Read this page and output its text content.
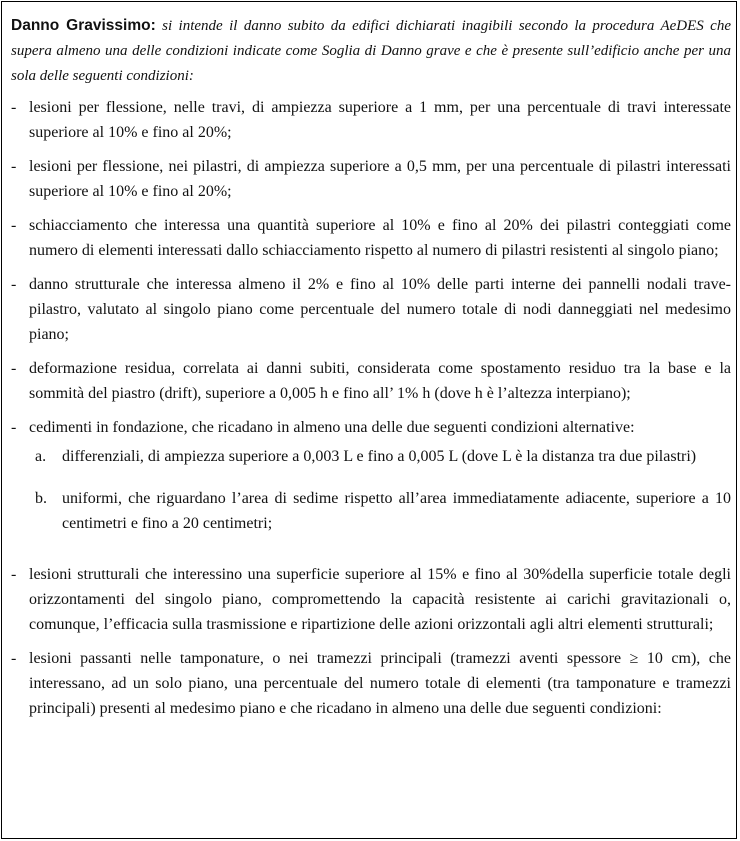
Danno Gravissimo: si intende il danno subito da edifici dichiarati inagibili secondo la procedura AeDES che supera almeno una delle condizioni indicate come Soglia di Danno grave e che è presente sull’edificio anche per una sola delle seguenti condizioni:

- lesioni per flessione, nelle travi, di ampiezza superiore a 1 mm, per una percentuale di travi interessate superiore al 10% e fino al 20%;

- lesioni per flessione, nei pilastri, di ampiezza superiore a 0,5 mm, per una percentuale di pilastri interessati superiore al 10% e fino al 20%;

- schiacciamento che interessa una quantità superiore al 10% e fino al 20% dei pilastri conteggiati come numero di elementi interessati dallo schiacciamento rispetto al numero di pilastri resistenti al singolo piano;

- danno strutturale che interessa almeno il 2% e fino al 10% delle parti interne dei pannelli nodali trave-pilastro, valutato al singolo piano come percentuale del numero totale di nodi danneggiati nel medesimo piano;

- deformazione residua, correlata ai danni subiti, considerata come spostamento residuo tra la base e la sommità del piastro (drift), superiore a 0,005 h e fino all’ 1% h (dove h è l’altezza interpiano);

- cedimenti in fondazione, che ricadano in almeno una delle due seguenti condizioni alternative:

a. differenziali, di ampiezza superiore a 0,003 L e fino a 0,005 L (dove L è la distanza tra due pilastri)

b. uniformi, che riguardano l’area di sedime rispetto all’area immediatamente adiacente, superiore a 10 centimetri e fino a 20 centimetri;

- lesioni strutturali che interessino una superficie superiore al 15% e fino al 30%della superficie totale degli orizzontamenti del singolo piano, compromettendo la capacità resistente ai carichi gravitazionali o, comunque, l’efficacia sulla trasmissione e ripartizione delle azioni orizzontali agli altri elementi strutturali;

- lesioni passanti nelle tamponature, o nei tramezzi principali (tramezzi aventi spessore ≥ 10 cm), che interessano, ad un solo piano, una percentuale del numero totale di elementi (tra tamponature e tramezzi principali) presenti al medesimo piano e che ricadano in almeno una delle due seguenti condizioni:
